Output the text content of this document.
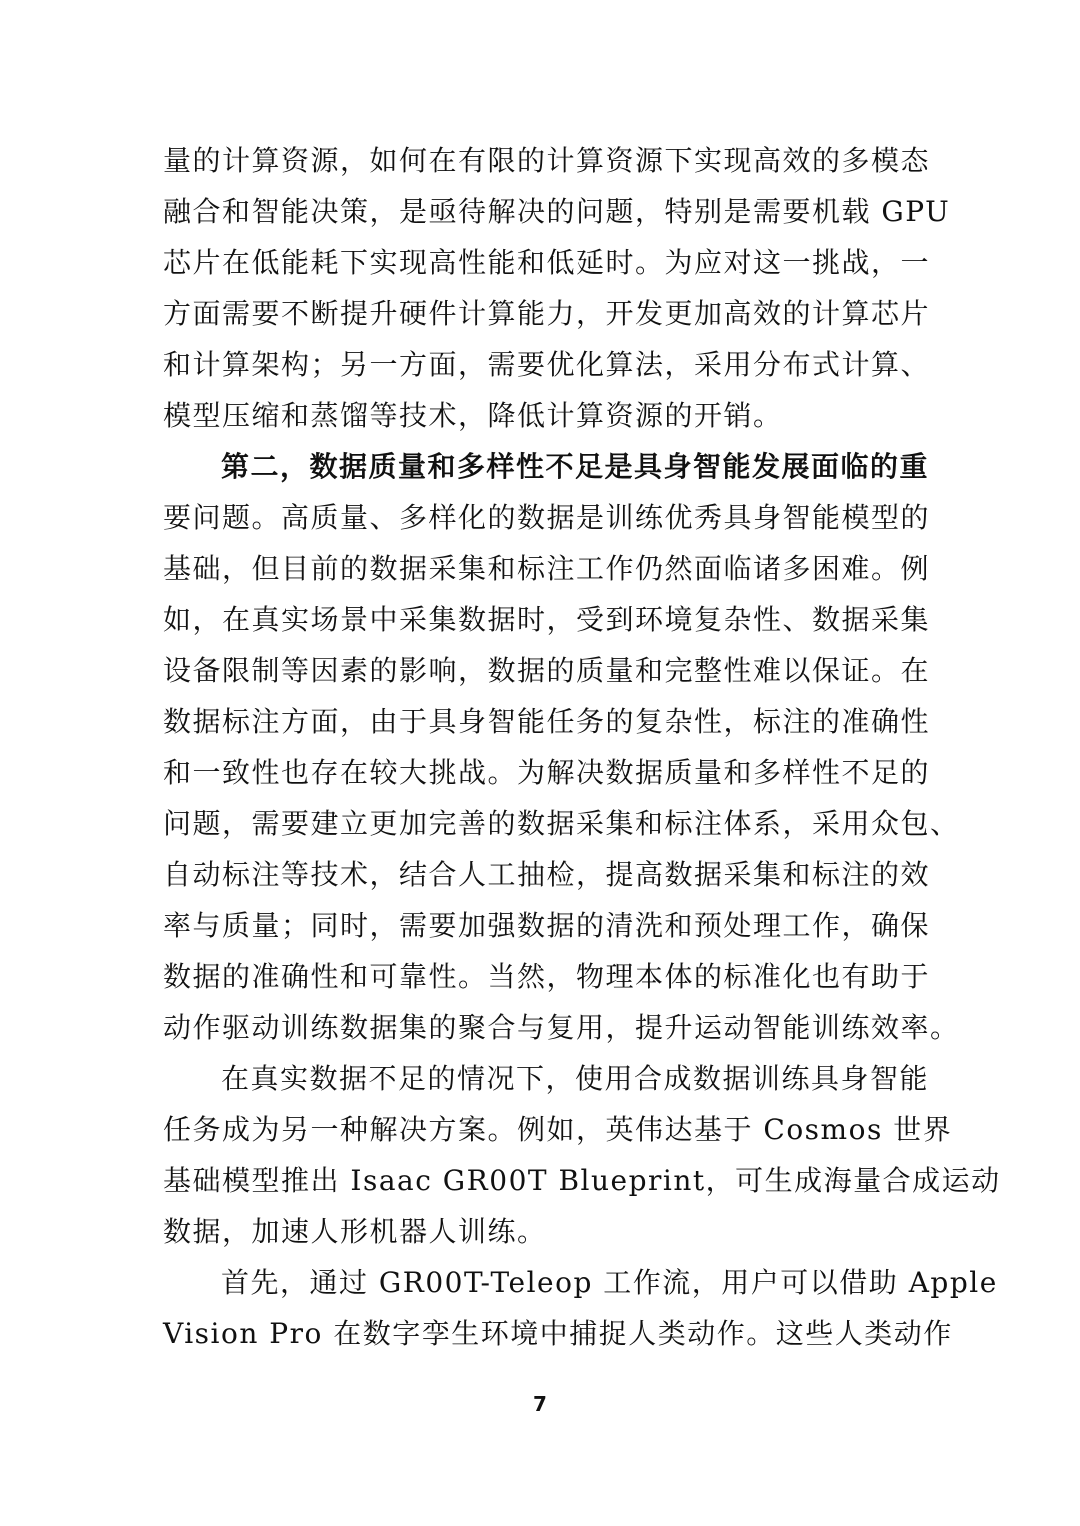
量的计算资源，如何在有限的计算资源下实现高效的多模态
融合和智能决策，是亟待解决的问题，特别是需要机载 GPU
芯片在低能耗下实现高性能和低延时。为应对这一挑战，一
方面需要不断提升硬件计算能力，开发更加高效的计算芯片
和计算架构；另一方面，需要优化算法，采用分布式计算、
模型压缩和蒸馏等技术，降低计算资源的开销。
第二，数据质量和多样性不足是具身智能发展面临的重
要问题。高质量、多样化的数据是训练优秀具身智能模型的
基础，但目前的数据采集和标注工作仍然面临诸多困难。例
如，在真实场景中采集数据时，受到环境复杂性、数据采集
设备限制等因素的影响，数据的质量和完整性难以保证。在
数据标注方面，由于具身智能任务的复杂性，标注的准确性
和一致性也存在较大挑战。为解决数据质量和多样性不足的
问题，需要建立更加完善的数据采集和标注体系，采用众包、
自动标注等技术，结合人工抽检，提高数据采集和标注的效
率与质量；同时，需要加强数据的清洗和预处理工作，确保
数据的准确性和可靠性。当然，物理本体的标准化也有助于
动作驱动训练数据集的聚合与复用，提升运动智能训练效率。
在真实数据不足的情况下，使用合成数据训练具身智能
任务成为另一种解决方案。例如，英伟达基于 Cosmos 世界
基础模型推出 Isaac GR00T Blueprint，可生成海量合成运动
数据，加速人形机器人训练。
首先，通过 GR00T-Teleop 工作流，用户可以借助 Apple
Vision Pro 在数字孪生环境中捕捉人类动作。这些人类动作
7
